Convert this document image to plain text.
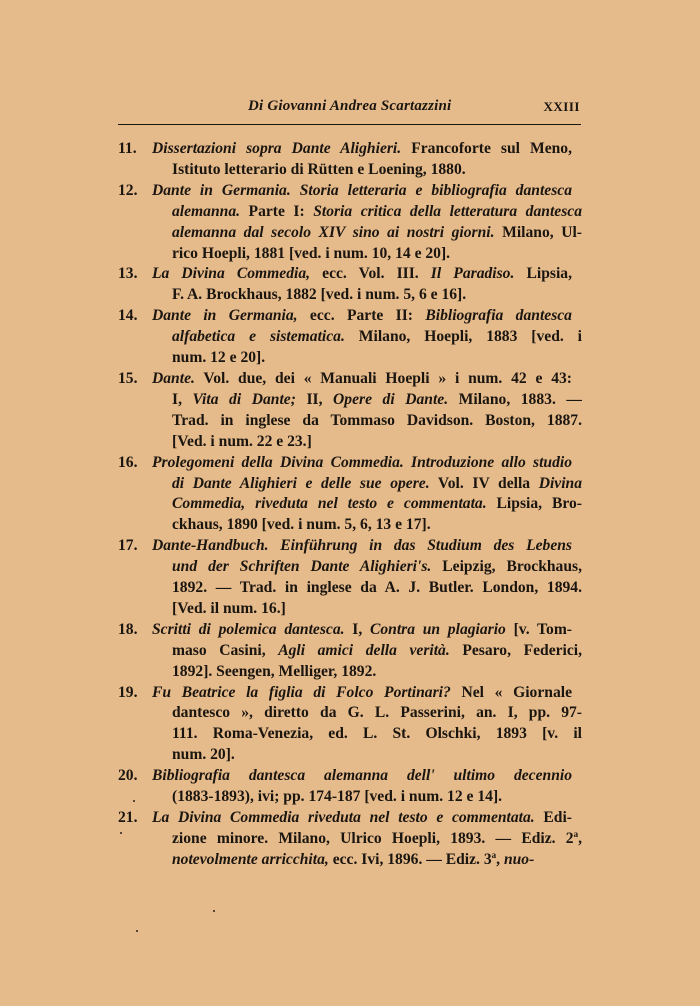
Di Giovanni Andrea Scartazzini	XXIII
11. Dissertazioni sopra Dante Alighieri. Francoforte sul Meno,
Istituto letterario di Rütten e Loening, 1880.
12. Dante in Germania. Storia letteraria e bibliografia dantesca
alemanna. Parte I: Storia critica della letteratura dantesca
alemanna dal secolo XIV sino ai nostri giorni. Milano, Ul-
rico Hoepli, 1881 [ved. i num. 10, 14 e 20].
13. La Divina Commedia, ecc. Vol. III. Il Paradiso. Lipsia,
F. A. Brockhaus, 1882 [ved. i num. 5, 6 e 16].
14. Dante in Germania, ecc. Parte II: Bibliografia dantesca
alfabetica e sistematica. Milano, Hoepli, 1883 [ved. i
num. 12 e 20].
15. Dante. Vol. due, dei « Manuali Hoepli » i num. 42 e 43:
I, Vita di Dante; II, Opere di Dante. Milano, 1883. —
Trad. in inglese da Tommaso Davidson. Boston, 1887.
[Ved. i num. 22 e 23.]
16. Prolegomeni della Divina Commedia. Introduzione allo studio
di Dante Alighieri e delle sue opere. Vol. IV della Divina
Commedia, riveduta nel testo e commentata. Lipsia, Bro-
ckhaus, 1890 [ved. i num. 5, 6, 13 e 17].
17. Dante-Handbuch. Einführung in das Studium des Lebens
und der Schriften Dante Alighieri's. Leipzig, Brockhaus,
1892. — Trad. in inglese da A. J. Butler. London, 1894.
[Ved. il num. 16.]
18. Scritti di polemica dantesca. I, Contra un plagiario [v. Tom-
maso Casini, Agli amici della verità. Pesaro, Federici,
1892]. Seengen, Melliger, 1892.
19. Fu Beatrice la figlia di Folco Portinari? Nel « Giornale
dantesco », diretto da G. L. Passerini, an. I, pp. 97-
111. Roma-Venezia, ed. L. St. Olschki, 1893 [v. il
num. 20].
20. Bibliografia dantesca alemanna dell' ultimo decennio
(1883-1893), ivi; pp. 174-187 [ved. i num. 12 e 14].
21. La Divina Commedia riveduta nel testo e commentata. Edi-
zione minore. Milano, Ulrico Hoepli, 1893. — Ediz. 2$^a$,
notevolmente arricchita, ecc. Ivi, 1896. — Ediz. 3$^a$, nuo-
